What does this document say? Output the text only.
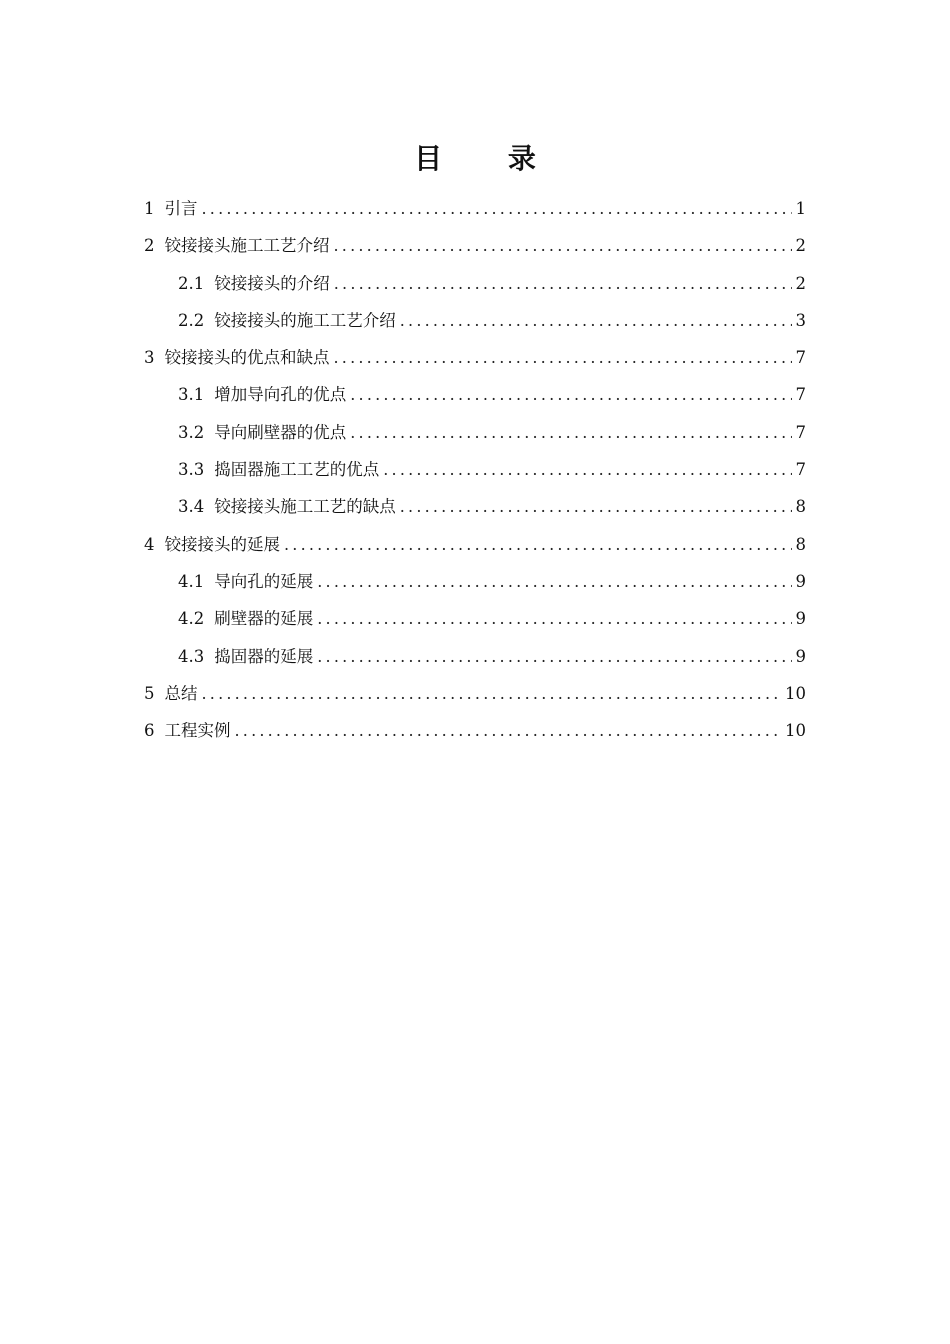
目 录
1 引言 .....	1
2 铰接接头施工工艺介绍 .....	2
2.1 铰接接头的介绍 .....	2
2.2 铰接接头的施工工艺介绍 .....	3
3 铰接接头的优点和缺点 .....	7
3.1 增加导向孔的优点 .....	7
3.2 导向刷壁器的优点 .....	7
3.3 捣固器施工工艺的优点 .....	7
3.4 铰接接头施工工艺的缺点 .....	8
4 铰接接头的延展 .....	8
4.1 导向孔的延展 .....	9
4.2 刷壁器的延展 .....	9
4.3 捣固器的延展 .....	9
5 总结 .....	10
6 工程实例 .....	10
